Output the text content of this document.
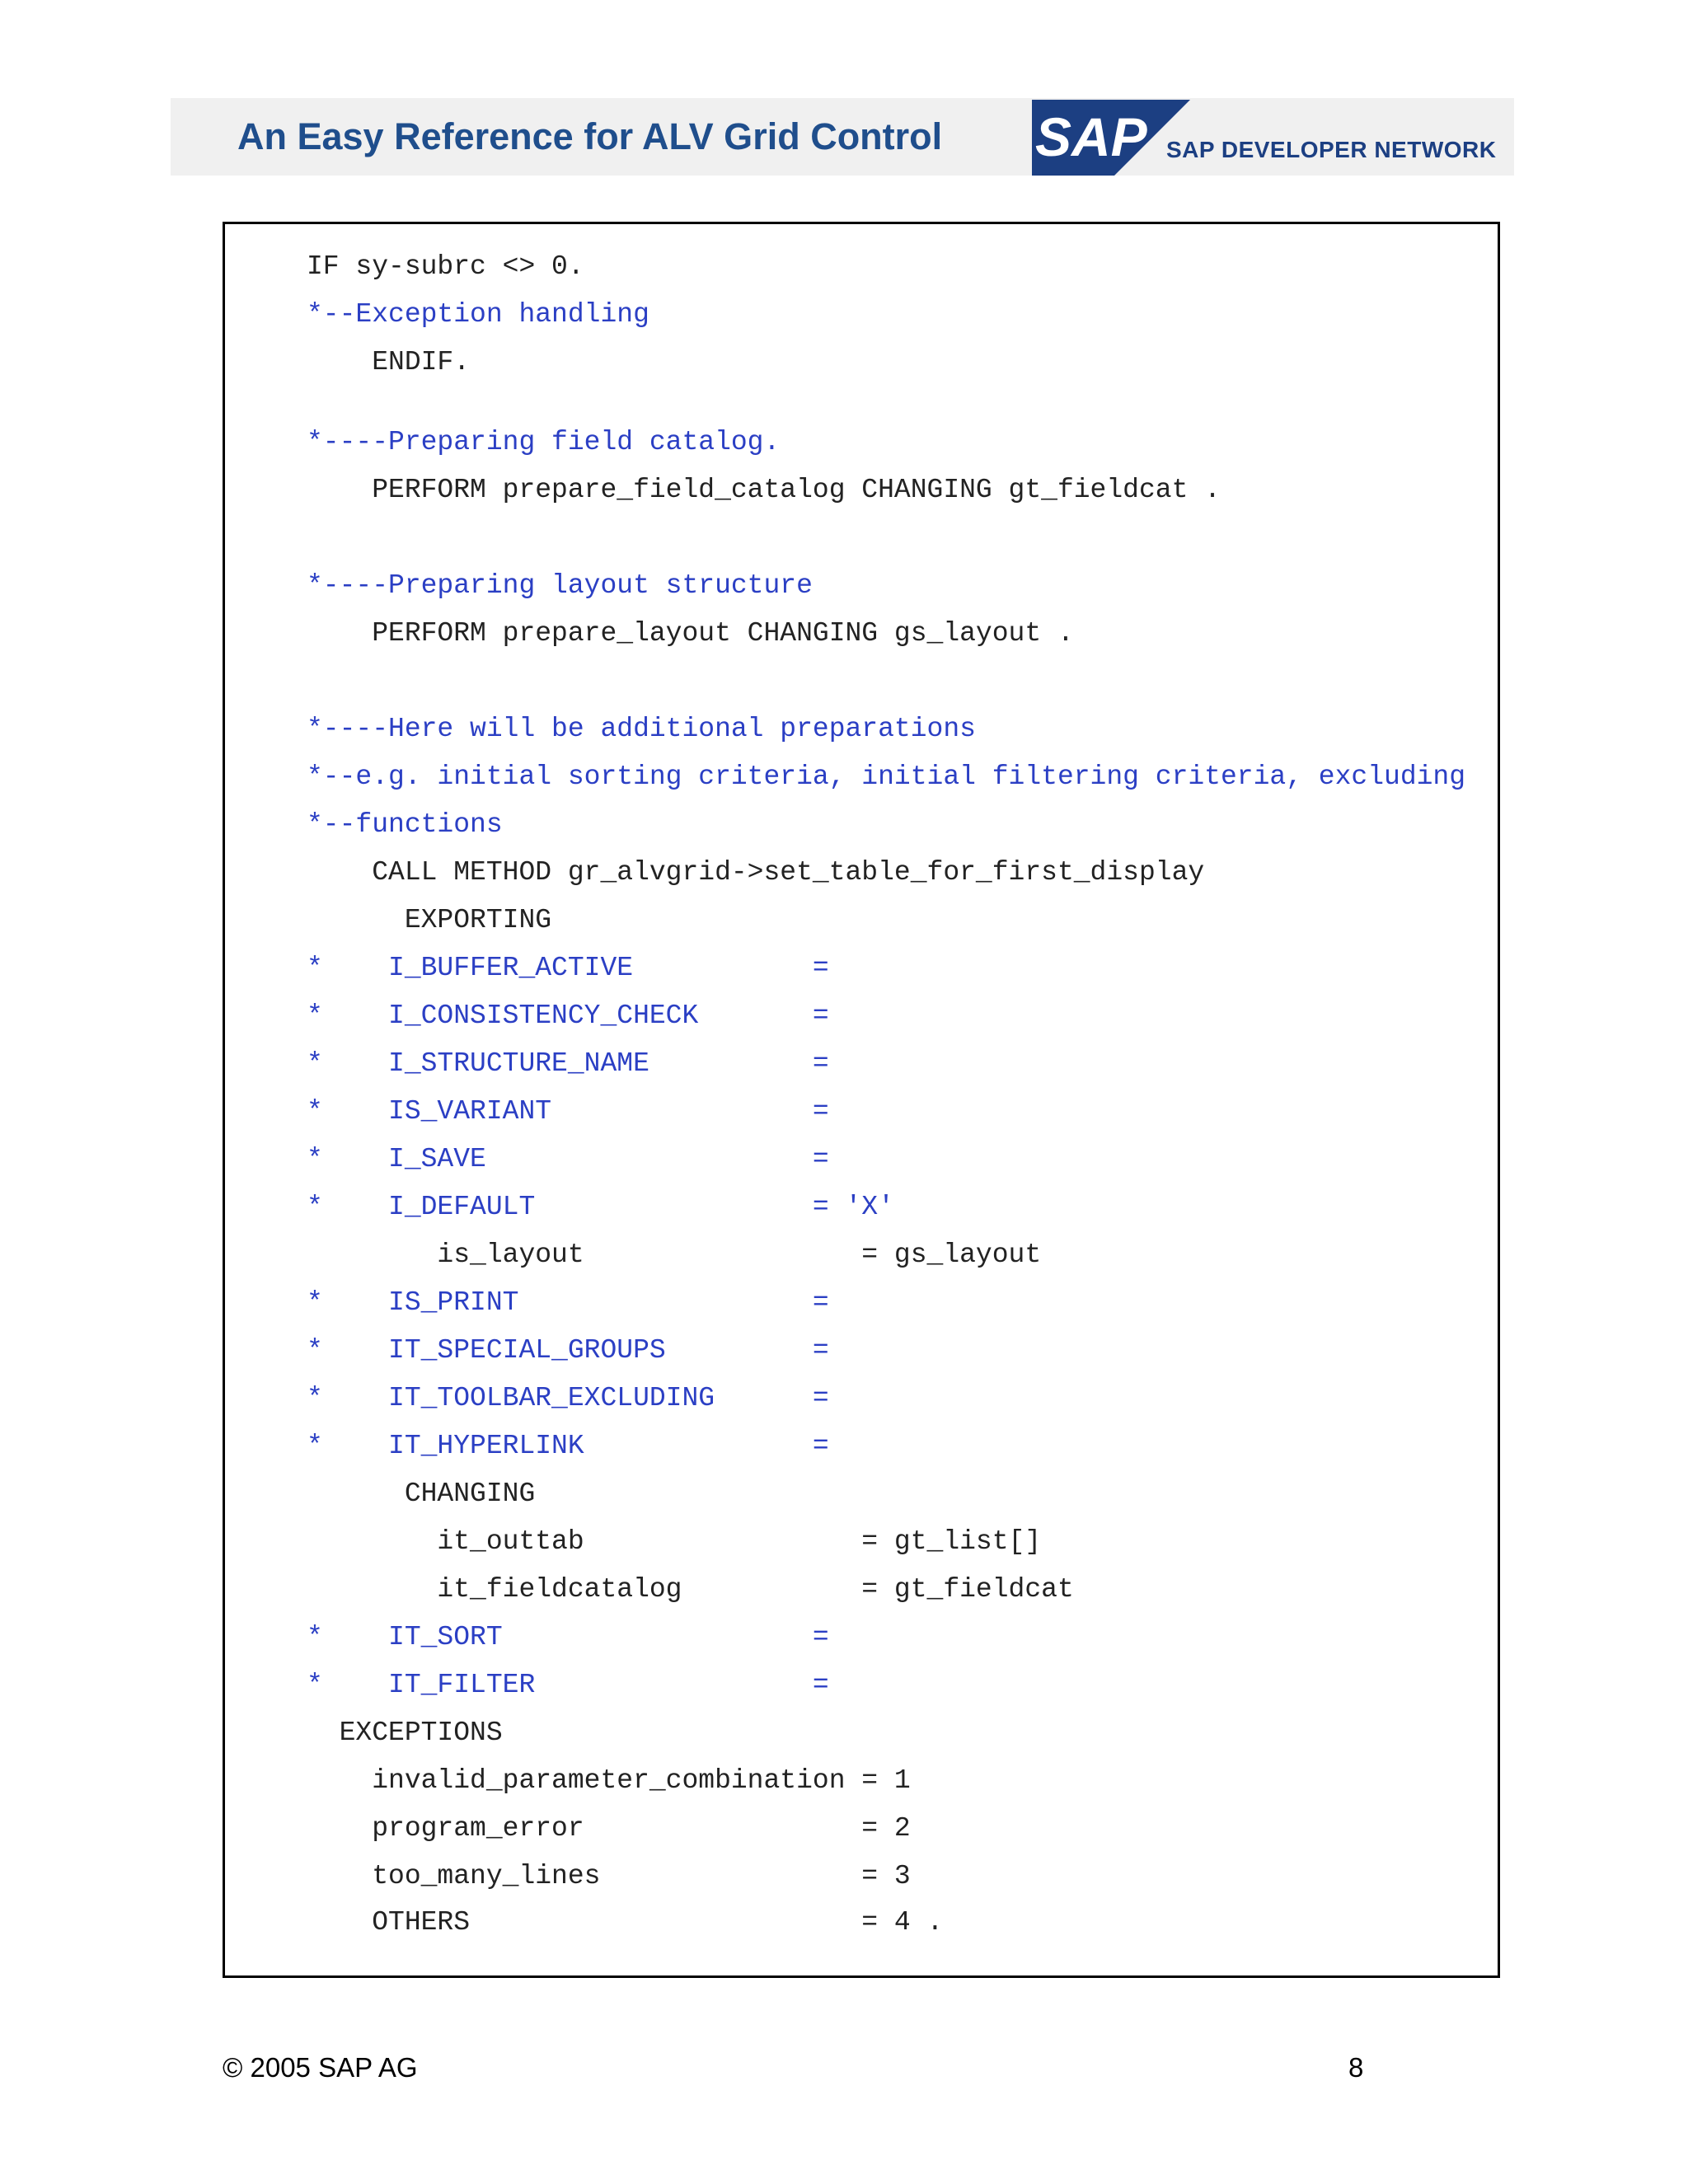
An Easy Reference for ALV Grid Control SAP SAP DEVELOPER NETWORK
IF sy-subrc <> 0.
*--Exception handling
ENDIF.
*----Preparing field catalog.
PERFORM prepare_field_catalog CHANGING gt_fieldcat .
*----Preparing layout structure
PERFORM prepare_layout CHANGING gs_layout .
*----Here will be additional preparations
*--e.g. initial sorting criteria, initial filtering criteria, excluding
*--functions
CALL METHOD gr_alvgrid->set_table_for_first_display
EXPORTING
*    I_BUFFER_ACTIVE           =
*    I_CONSISTENCY_CHECK       =
*    I_STRUCTURE_NAME          =
*    IS_VARIANT                =
*    I_SAVE                    =
*    I_DEFAULT                 = 'X'
is_layout                 = gs_layout
*    IS_PRINT                  =
*    IT_SPECIAL_GROUPS         =
*    IT_TOOLBAR_EXCLUDING      =
*    IT_HYPERLINK              =
CHANGING
it_outtab                 = gt_list[]
it_fieldcatalog           = gt_fieldcat
*    IT_SORT                   =
*    IT_FILTER                 =
EXCEPTIONS
invalid_parameter_combination = 1
program_error                 = 2
too_many_lines                = 3
OTHERS                        = 4 .
© 2005 SAP AG	8
